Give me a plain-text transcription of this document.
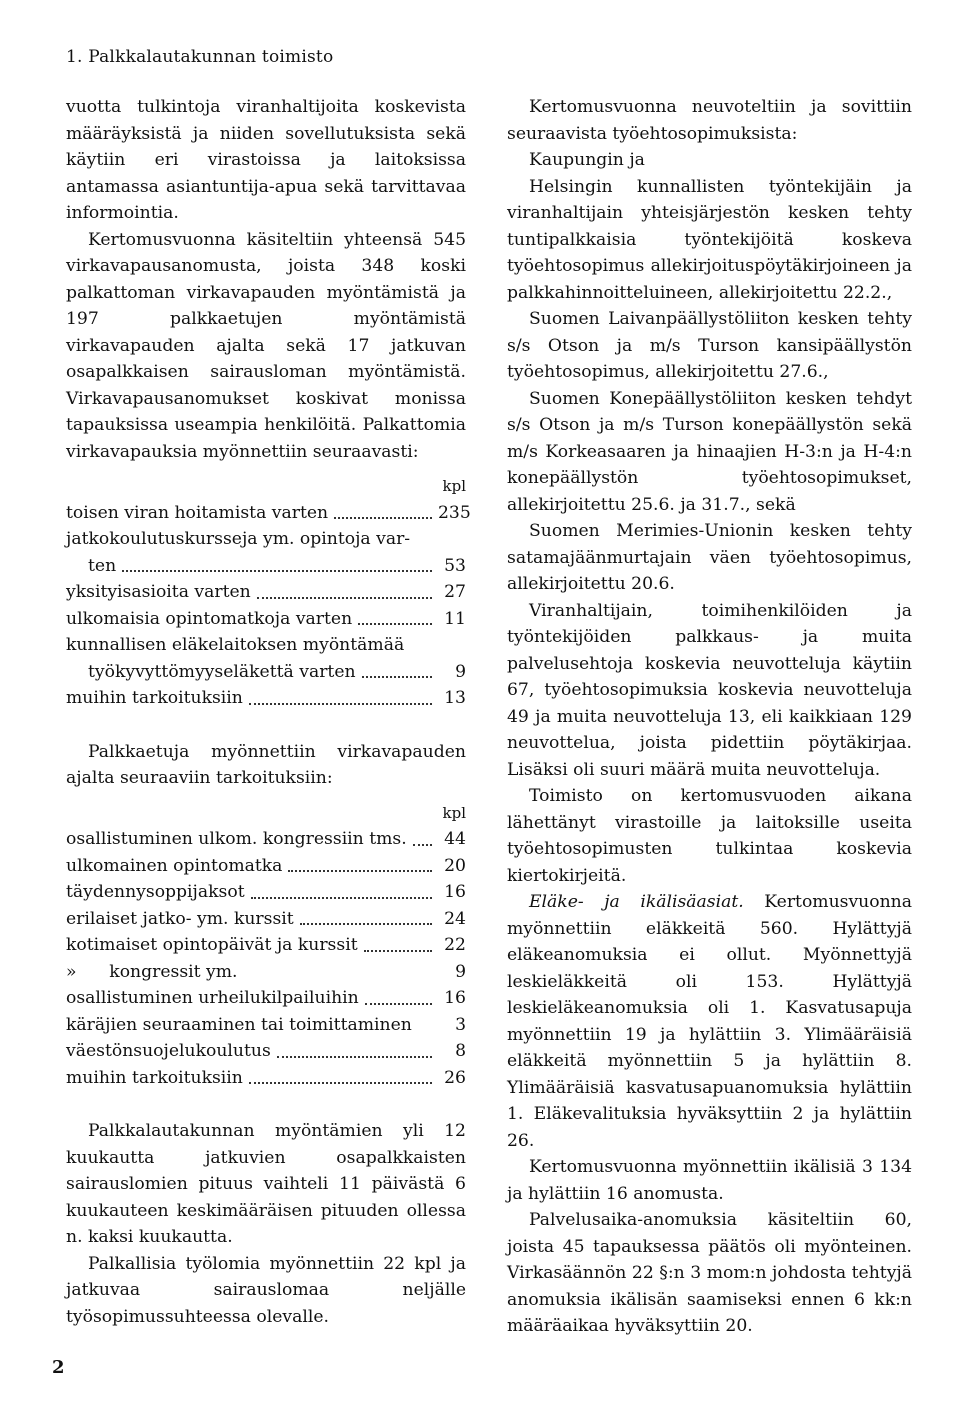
1. Palkkalautakunnan toimisto

vuotta tulkintoja viranhaltijoita koskevista määräyksistä ja niiden sovellutuksista sekä käytiin eri virastoissa ja laitoksissa antamassa asiantuntija-apua sekä tarvittavaa informointia.

Kertomusvuonna käsiteltiin yhteensä 545 virkavapausanomusta, joista 348 koski palkattoman virkavapauden myöntämistä ja 197 palkkaetujen myöntämistä virkavapauden ajalta sekä 17 jatkuvan osapalkkaisen sairausloman myöntämistä. Virkavapausanomukset koskivat monissa tapauksissa useampia henkilöitä. Palkattomia virkavapauksia myönnettiin seuraavasti:

kpl
toisen viran hoitamista varten	235
jatkokoulutuskursseja ym. opintoja var-
ten	53
yksityisasioita varten	27
ulkomaisia opintomatkoja varten	11
kunnallisen eläkelaitoksen myöntämää
työkyvyttömyyseläkettä varten	9
muihin tarkoituksiin	13

Palkkaetuja myönnettiin virkavapauden ajalta seuraaviin tarkoituksiin:

kpl
osallistuminen ulkom. kongressiin tms.	44
ulkomainen opintomatka	20
täydennysoppijaksot	16
erilaiset jatko- ym. kurssit	24
kotimaiset opintopäivät ja kurssit	22
»      kongressit ym.	9
osallistuminen urheilukilpailuihin	16
käräjien seuraaminen tai toimittaminen	3
väestönsuojelukoulutus	8
muihin tarkoituksiin	26

Palkkalautakunnan myöntämien yli 12 kuukautta jatkuvien osapalkkaisten sairauslomien pituus vaihteli 11 päivästä 6 kuukauteen keskimääräisen pituuden ollessa n. kaksi kuukautta.

Palkallisia työlomia myönnettiin 22 kpl ja jatkuvaa sairauslomaa neljälle työsopimussuhteessa olevalle.

Kertomusvuonna neuvoteltiin ja sovittiin seuraavista työehtosopimuksista:

Kaupungin ja

Helsingin kunnallisten työntekijäin ja viranhaltijain yhteisjärjestön kesken tehty tuntipalkkaisia työntekijöitä koskeva työehtosopimus allekirjoituspöytäkirjoineen ja palkkahinnoitteluineen, allekirjoitettu 22.2.,

Suomen Laivanpäällystöliiton kesken tehty s/s Otson ja m/s Turson kansipäällystön työehtosopimus, allekirjoitettu 27.6.,

Suomen Konepäällystöliiton kesken tehdyt s/s Otson ja m/s Turson konepäällystön sekä m/s Korkeasaaren ja hinaajien H-3:n ja H-4:n konepäällystön työehtosopimukset, allekirjoitettu 25.6. ja 31.7., sekä

Suomen Merimies-Unionin kesken tehty satamajäänmurtajain väen työehtosopimus, allekirjoitettu 20.6.

Viranhaltijain, toimihenkilöiden ja työntekijöiden palkkaus- ja muita palvelusehtoja koskevia neuvotteluja käytiin 67, työehtosopimuksia koskevia neuvotteluja 49 ja muita neuvotteluja 13, eli kaikkiaan 129 neuvottelua, joista pidettiin pöytäkirjaa. Lisäksi oli suuri määrä muita neuvotteluja.

Toimisto on kertomusvuoden aikana lähettänyt virastoille ja laitoksille useita työehtosopimusten tulkintaa koskevia kiertokirjeitä.

Eläke- ja ikälisäasiat. Kertomusvuonna myönnettiin eläkkeitä 560. Hylättyjä eläkeanomuksia ei ollut. Myönnettyjä leskieläkkeitä oli 153. Hylättyjä leskieläkeanomuksia oli 1. Kasvatusapuja myönnettiin 19 ja hylättiin 3. Ylimääräisiä eläkkeitä myönnettiin 5 ja hylättiin 8. Ylimääräisiä kasvatusapuanomuksia hylättiin 1. Eläkevalituksia hyväksyttiin 2 ja hylättiin 26.

Kertomusvuonna myönnettiin ikälisiä 3 134 ja hylättiin 16 anomusta.

Palvelusaika-anomuksia käsiteltiin 60, joista 45 tapauksessa päätös oli myönteinen. Virkasäännön 22 §:n 3 mom:n johdosta tehtyjä anomuksia ikälisän saamiseksi ennen 6 kk:n määräaikaa hyväksyttiin 20.

2
